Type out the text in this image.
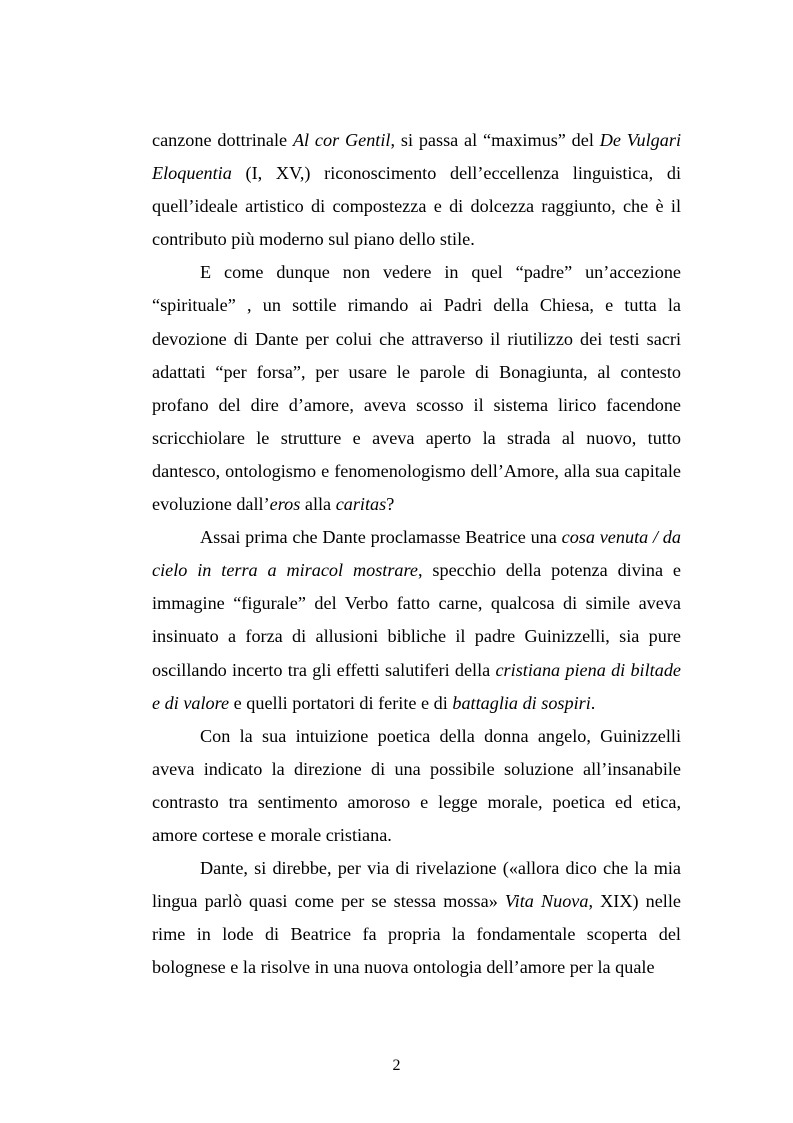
canzone dottrinale Al cor Gentil, si passa al “maximus” del De Vulgari Eloquentia (I, XV,) riconoscimento dell’eccellenza linguistica, di quell’ideale artistico di compostezza e di dolcezza raggiunto, che è il contributo più moderno sul piano dello stile.

E come dunque non vedere in quel “padre” un’accezione “spirituale” , un sottile rimando ai Padri della Chiesa, e tutta la devozione di Dante per colui che attraverso il riutilizzo dei testi sacri adattati “per forsa”, per usare le parole di Bonagiunta, al contesto profano del dire d’amore, aveva scosso il sistema lirico facendone scricchiolare le strutture e aveva aperto la strada al nuovo, tutto dantesco, ontologismo e fenomenologismo dell’Amore, alla sua capitale evoluzione dall’eros alla caritas?

Assai prima che Dante proclamasse Beatrice una cosa venuta / da cielo in terra a miracol mostrare, specchio della potenza divina e immagine “figurale” del Verbo fatto carne, qualcosa di simile aveva insinuato a forza di allusioni bibliche il padre Guinizzelli, sia pure oscillando incerto tra gli effetti salutiferi della cristiana piena di biltade e di valore e quelli portatori di ferite e di battaglia di sospiri.

Con la sua intuizione poetica della donna angelo, Guinizzelli aveva indicato la direzione di una possibile soluzione all’insanabile contrasto tra sentimento amoroso e legge morale, poetica ed etica, amore cortese e morale cristiana.

Dante, si direbbe, per via di rivelazione («allora dico che la mia lingua parlò quasi come per se stessa mossa» Vita Nuova, XIX) nelle rime in lode di Beatrice fa propria la fondamentale scoperta del bolognese e la risolve in una nuova ontologia dell’amore per la quale

2
